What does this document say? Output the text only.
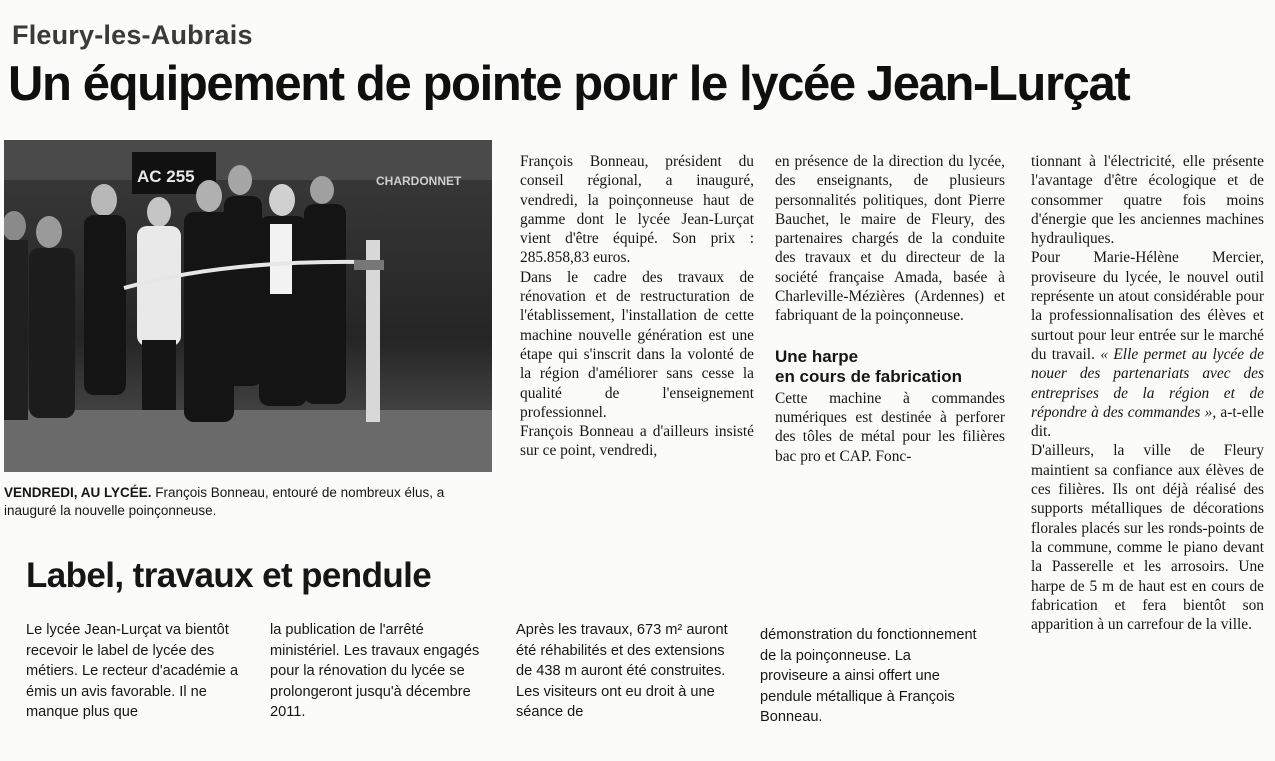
Fleury-les-Aubrais
Un équipement de pointe pour le lycée Jean-Lurçat
AC 255	CHARDONNET
VENDREDI, AU LYCÉE. François Bonneau, entouré de nombreux élus, a inauguré la nouvelle poinçonneuse.

François Bonneau, président du conseil régional, a inauguré, vendredi, la poinçonneuse haut de gamme dont le lycée Jean-Lurçat vient d'être équipé. Son prix : 285.858,83 euros.

Dans le cadre des travaux de rénovation et de restructuration de l'établissement, l'installation de cette machine nouvelle génération est une étape qui s'inscrit dans la volonté de la région d'améliorer sans cesse la qualité de l'enseignement professionnel.

François Bonneau a d'ailleurs insisté sur ce point, vendredi,

en présence de la direction du lycée, des enseignants, de plusieurs personnalités politiques, dont Pierre Bauchet, le maire de Fleury, des partenaires chargés de la conduite des travaux et du directeur de la société française Amada, basée à Charleville-Mézières (Ardennes) et fabriquant de la poinçonneuse.

Une harpe
en cours de fabrication

Cette machine à commandes numériques est destinée à perforer des tôles de métal pour les filières bac pro et CAP. Fonc-

tionnant à l'électricité, elle présente l'avantage d'être écologique et de consommer quatre fois moins d'énergie que les anciennes machines hydrauliques.

Pour Marie-Hélène Mercier, proviseure du lycée, le nouvel outil représente un atout considérable pour la professionnalisation des élèves et surtout pour leur entrée sur le marché du travail. « Elle permet au lycée de nouer des partenariats avec des entreprises de la région et de répondre à des commandes », a-t-elle dit.

D'ailleurs, la ville de Fleury maintient sa confiance aux élèves de ces filières. Ils ont déjà réalisé des supports métalliques de décorations florales placés sur les ronds-points de la commune, comme le piano devant la Passerelle et les arrosoirs. Une harpe de 5 m de haut est en cours de fabrication et fera bientôt son apparition à un carrefour de la ville.

Label, travaux et pendule

Le lycée Jean-Lurçat va bientôt recevoir le label de lycée des métiers. Le recteur d'académie a émis un avis favorable. Il ne manque plus que

la publication de l'arrêté ministériel. Les travaux engagés pour la rénovation du lycée se prolongeront jusqu'à décembre 2011.

Après les travaux, 673 m² auront été réhabilités et des extensions de 438 m auront été construites. Les visiteurs ont eu droit à une séance de

démonstration du fonctionnement de la poinçonneuse. La proviseure a ainsi offert une pendule métallique à François Bonneau.
